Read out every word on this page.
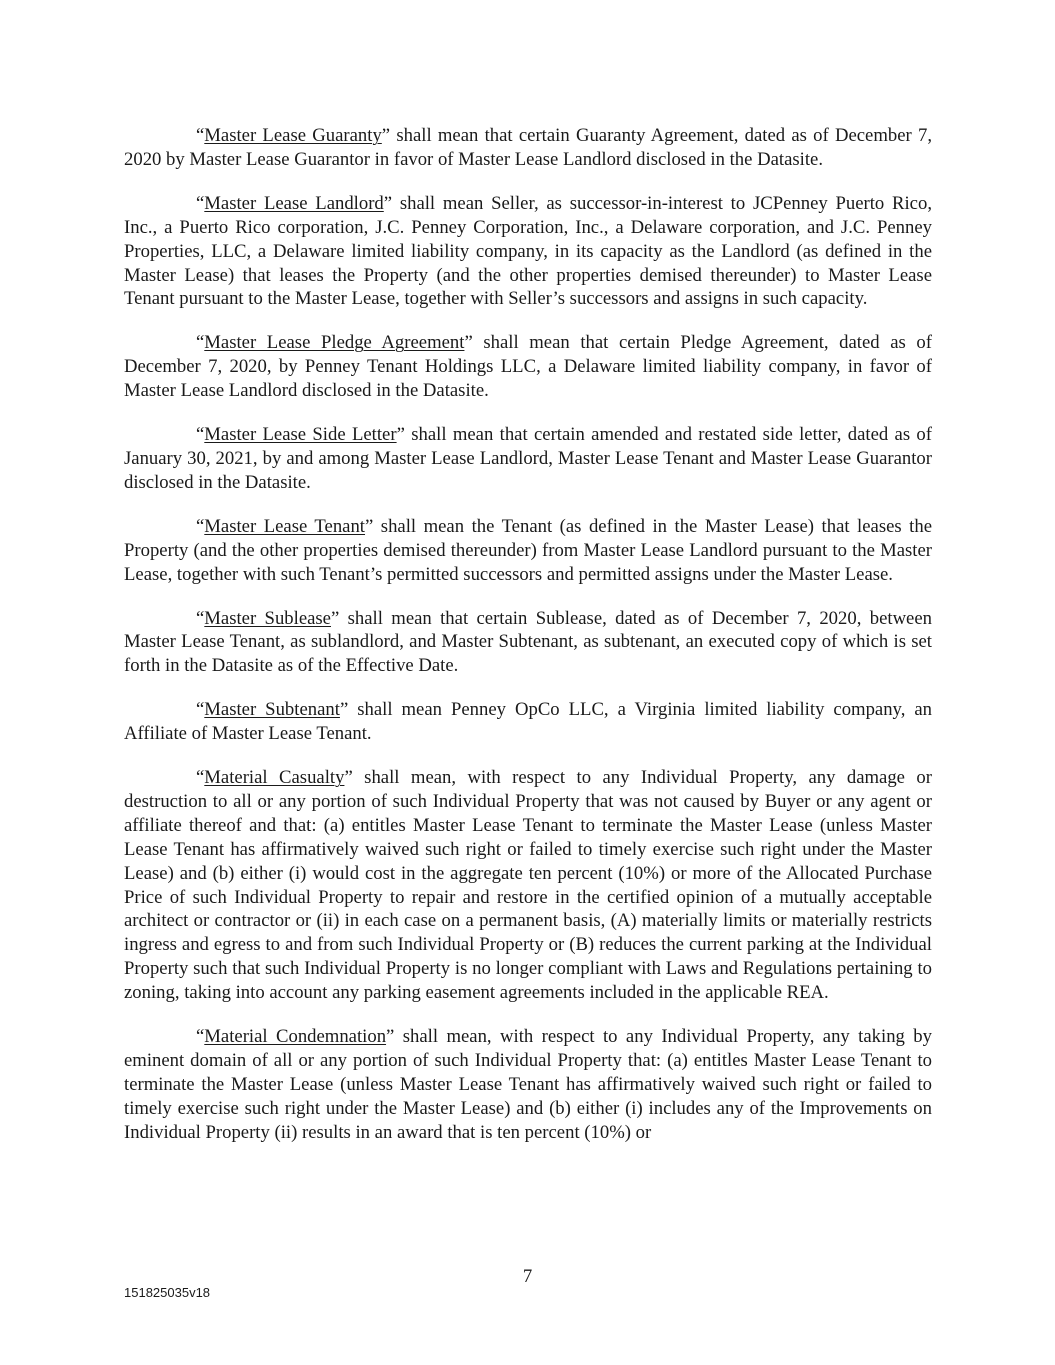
“Master Lease Guaranty” shall mean that certain Guaranty Agreement, dated as of December 7, 2020 by Master Lease Guarantor in favor of Master Lease Landlord disclosed in the Datasite.

“Master Lease Landlord” shall mean Seller, as successor-in-interest to JCPenney Puerto Rico, Inc., a Puerto Rico corporation, J.C. Penney Corporation, Inc., a Delaware corporation, and J.C. Penney Properties, LLC, a Delaware limited liability company, in its capacity as the Landlord (as defined in the Master Lease) that leases the Property (and the other properties demised thereunder) to Master Lease Tenant pursuant to the Master Lease, together with Seller’s successors and assigns in such capacity.

“Master Lease Pledge Agreement” shall mean that certain Pledge Agreement, dated as of December 7, 2020, by Penney Tenant Holdings LLC, a Delaware limited liability company, in favor of Master Lease Landlord disclosed in the Datasite.

“Master Lease Side Letter” shall mean that certain amended and restated side letter, dated as of January 30, 2021, by and among Master Lease Landlord, Master Lease Tenant and Master Lease Guarantor disclosed in the Datasite.

“Master Lease Tenant” shall mean the Tenant (as defined in the Master Lease) that leases the Property (and the other properties demised thereunder) from Master Lease Landlord pursuant to the Master Lease, together with such Tenant’s permitted successors and permitted assigns under the Master Lease.

“Master Sublease” shall mean that certain Sublease, dated as of December 7, 2020, between Master Lease Tenant, as sublandlord, and Master Subtenant, as subtenant, an executed copy of which is set forth in the Datasite as of the Effective Date.

“Master Subtenant” shall mean Penney OpCo LLC, a Virginia limited liability company, an Affiliate of Master Lease Tenant.

“Material Casualty” shall mean, with respect to any Individual Property, any damage or destruction to all or any portion of such Individual Property that was not caused by Buyer or any agent or affiliate thereof and that: (a) entitles Master Lease Tenant to terminate the Master Lease (unless Master Lease Tenant has affirmatively waived such right or failed to timely exercise such right under the Master Lease) and (b) either (i) would cost in the aggregate ten percent (10%) or more of the Allocated Purchase Price of such Individual Property to repair and restore in the certified opinion of a mutually acceptable architect or contractor or (ii) in each case on a permanent basis, (A) materially limits or materially restricts ingress and egress to and from such Individual Property or (B) reduces the current parking at the Individual Property such that such Individual Property is no longer compliant with Laws and Regulations pertaining to zoning, taking into account any parking easement agreements included in the applicable REA.

“Material Condemnation” shall mean, with respect to any Individual Property, any taking by eminent domain of all or any portion of such Individual Property that: (a) entitles Master Lease Tenant to terminate the Master Lease (unless Master Lease Tenant has affirmatively waived such right or failed to timely exercise such right under the Master Lease) and (b) either (i) includes any of the Improvements on Individual Property (ii) results in an award that is ten percent (10%) or

7
151825035v18
